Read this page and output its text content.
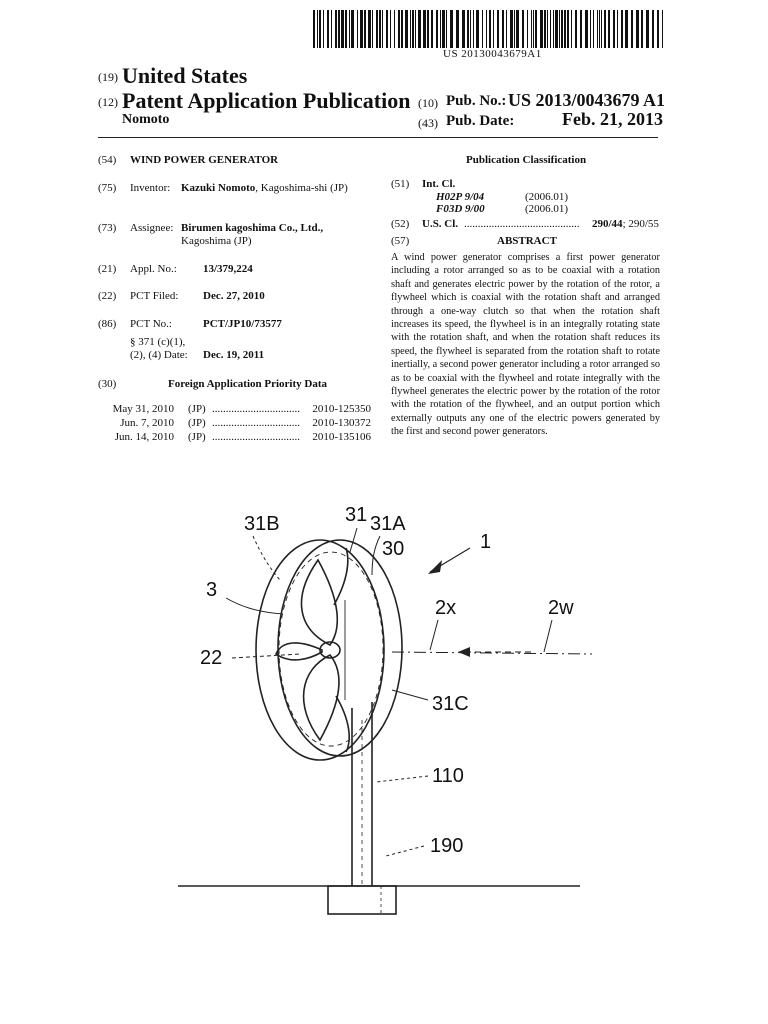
US 20130043679A1
(19) United States
(12) Patent Application Publication
Nomoto
(10) Pub. No.: US 2013/0043679 A1
(43) Pub. Date:	Feb. 21, 2013
(54) WIND POWER GENERATOR
(75) Inventor: Kazuki Nomoto, Kagoshima-shi (JP)
(73) Assignee: Birumen kagoshima Co., Ltd.,
Kagoshima (JP)
(21) Appl. No.: 13/379,224
(22) PCT Filed: Dec. 27, 2010
(86) PCT No.:	PCT/JP10/73577
§ 371 (c)(1),
(2), (4) Date: Dec. 19, 2011
(30)	Foreign Application Priority Data
May 31, 2010 (JP) ................................ 2010-125350
Jun. 7, 2010 (JP) ................................ 2010-130372
Jun. 14, 2010 (JP) ................................ 2010-135106
Publication Classification
(51) Int. Cl.
H02P 9/04	(2006.01)
F03D 9/00	(2006.01)
(52) U.S. Cl. ..........................................	290/44; 290/55
(57)	ABSTRACT
A wind power generator comprises a first power generator including a rotor arranged so as to be coaxial with a rotation shaft and generates electric power by the rotation of the rotor, a flywheel which is coaxial with the rotation shaft and arranged through a one-way clutch so that when the rotation shaft increases its speed, the flywheel is in an integrally rotating state with the rotation shaft, and when the rotation shaft reduces its speed, the flywheel is separated from the rotation shaft to rotate inertially, a second power generator including a rotor arranged so as to be coaxial with the flywheel and rotate integrally with the flywheel generates the electric power by the rotation of the rotor with the rotation of the flywheel, and an output portion which externally outputs any one of the electric powers generated by the first and second power generators.
31B	31 31A
30	1
3
2x	2w
22
31C
110
190
